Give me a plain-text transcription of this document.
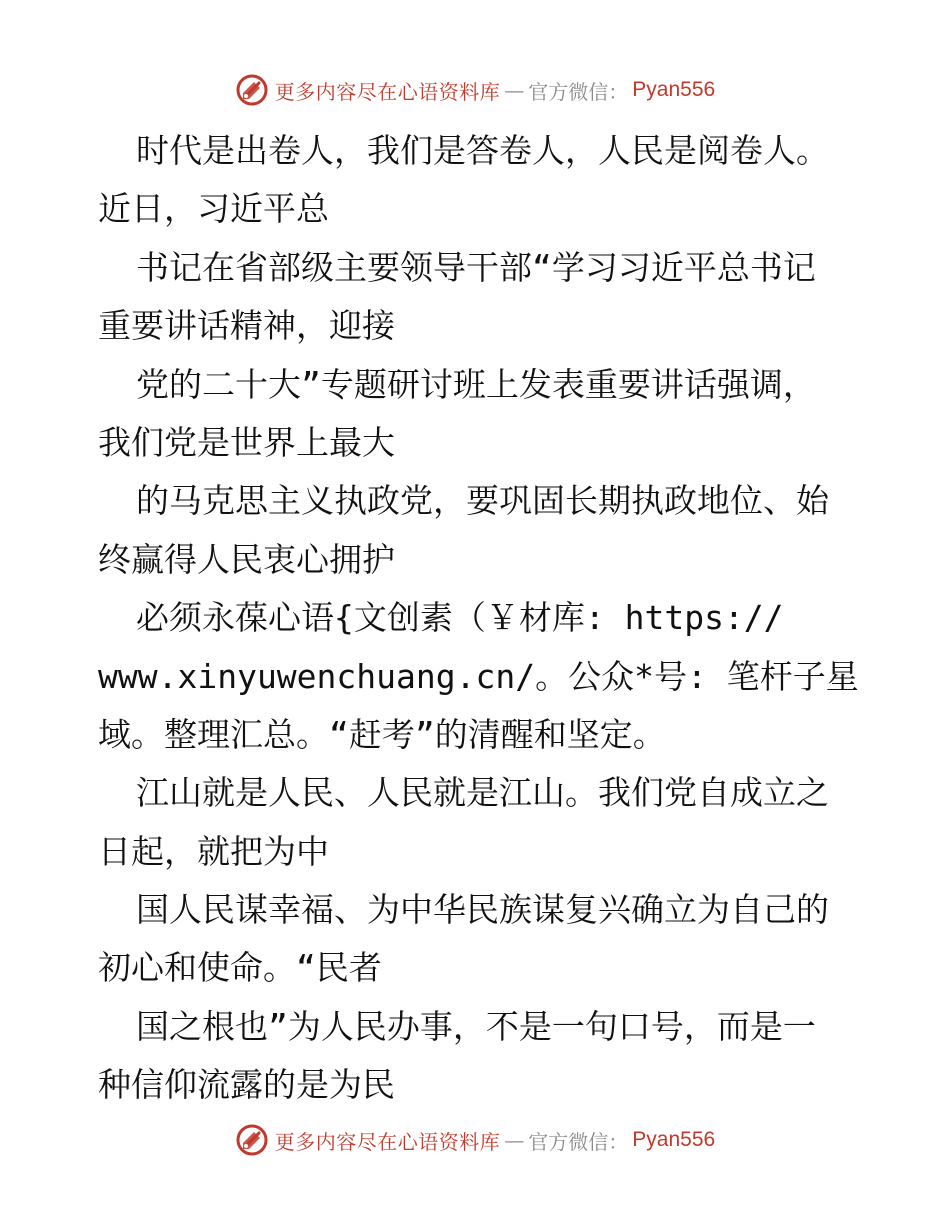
更多内容尽在心语资料库 — 官方微信： Pyan556
时代是出卷人，我们是答卷人，人民是阅卷人。
近日，习近平总
书记在省部级主要领导干部“学习习近平总书记
重要讲话精神，迎接
党的二十大”专题研讨班上发表重要讲话强调，
我们党是世界上最大
的马克思主义执政党，要巩固长期执政地位、始
终赢得人民衷心拥护
必须永葆心语{文创素（￥材库: https://
www.xinyuwenchuang.cn/。公众*号: 笔杆子星
域。整理汇总。“赶考”的清醒和坚定。
江山就是人民、人民就是江山。我们党自成立之
日起，就把为中
国人民谋幸福、为中华民族谋复兴确立为自己的
初心和使命。“民者
国之根也”为人民办事，不是一句口号，而是一
种信仰流露的是为民
更多内容尽在心语资料库 — 官方微信： Pyan556
